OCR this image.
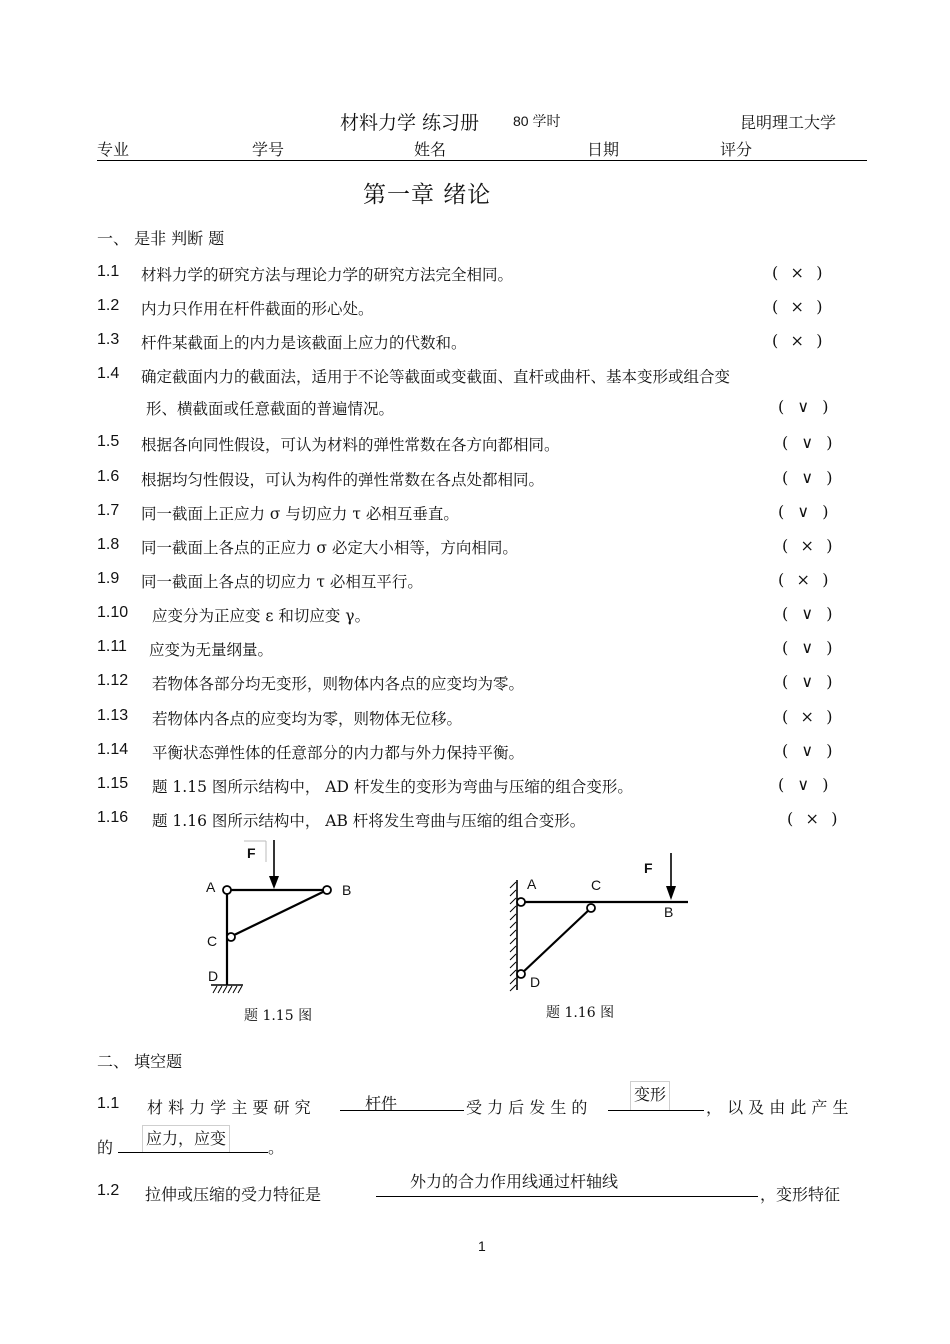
材料力学 练习册 80 学时	昆明理工大学
专业	学号	姓名	日期	评分
第一章 绪论
一、 是非 判断 题
1.1 材料力学的研究方法与理论力学的研究方法完全相同。	( × )
1.2 内力只作用在杆件截面的形心处。	( × )
1.3 杆件某截面上的内力是该截面上应力的代数和。	( × )
1.4 确定截面内力的截面法，适用于不论等截面或变截面、直杆或曲杆、基本变形或组合变
形、横截面或任意截面的普遍情况。	( ∨ )
1.5 根据各向同性假设，可认为材料的弹性常数在各方向都相同。	( ∨ )
1.6 根据均匀性假设，可认为构件的弹性常数在各点处都相同。	( ∨ )
1.7 同一截面上正应力 σ 与切应力 τ 必相互垂直。	( ∨ )
1.8 同一截面上各点的正应力 σ 必定大小相等，方向相同。	( × )
1.9 同一截面上各点的切应力 τ 必相互平行。	( × )
1.10 应变分为正应变 ε 和切应变 γ。	( ∨ )
1.11 应变为无量纲量。	( ∨ )
1.12 若物体各部分均无变形，则物体内各点的应变均为零。	( ∨ )
1.13 若物体内各点的应变均为零，则物体无位移。	( × )
1.14 平衡状态弹性体的任意部分的内力都与外力保持平衡。	( ∨ )
1.15 题 1.15 图所示结构中， AD 杆发生的变形为弯曲与压缩的组合变形。	( ∨ )
1.16 题 1.16 图所示结构中， AB 杆将发生弯曲与压缩的组合变形。	( × )
F
A	B
C
D
题 1.15 图
F
A	C
B
D
题 1.16 图
二、 填空题
1.1 材 料 力 学 主 要 研 究	杆件	受 力 后 发 生 的
变形
， 以 及 由 此 产 生
的 应力，应变	。
1.2 拉伸或压缩的受力特征是
外力的合力作用线通过杆轴线
，变形特征
1
